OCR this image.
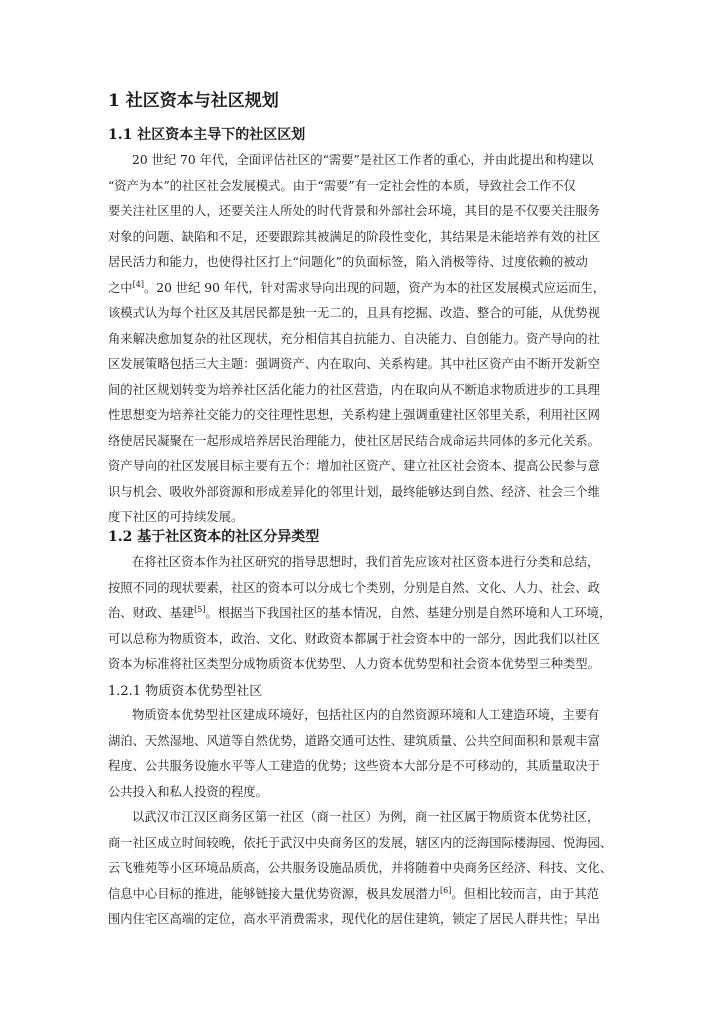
1 社区资本与社区规划
1.1 社区资本主导下的社区区划
20 世纪 70 年代，全面评估社区的“需要”是社区工作者的重心，并由此提出和构建以
“资产为本”的社区社会发展模式。由于“需要”有一定社会性的本质，导致社会工作不仅
要关注社区里的人，还要关注人所处的时代背景和外部社会环境，其目的是不仅要关注服务
对象的问题、缺陷和不足，还要跟踪其被满足的阶段性变化，其结果是未能培养有效的社区
居民活力和能力，也使得社区打上“问题化”的负面标签，陷入消极等待、过度依赖的被动
之中[4]。20 世纪 90 年代，针对需求导向出现的问题，资产为本的社区发展模式应运而生，
该模式认为每个社区及其居民都是独一无二的，且具有挖掘、改造、整合的可能，从优势视
角来解决愈加复杂的社区现状，充分相信其自抗能力、自决能力、自创能力。资产导向的社
区发展策略包括三大主题：强调资产、内在取向、关系构建。其中社区资产由不断开发新空
间的社区规划转变为培养社区活化能力的社区营造，内在取向从不断追求物质进步的工具理
性思想变为培养社交能力的交往理性思想，关系构建上强调重建社区邻里关系，利用社区网
络使居民凝聚在一起形成培养居民治理能力，使社区居民结合成命运共同体的多元化关系。
资产导向的社区发展目标主要有五个：增加社区资产、建立社区社会资本、提高公民参与意
识与机会、吸收外部资源和形成差异化的邻里计划，最终能够达到自然、经济、社会三个维
度下社区的可持续发展。
1.2 基于社区资本的社区分异类型
在将社区资本作为社区研究的指导思想时，我们首先应该对社区资本进行分类和总结，
按照不同的现状要素，社区的资本可以分成七个类别，分别是自然、文化、人力、社会、政
治、财政、基建[5]。根据当下我国社区的基本情况，自然、基建分别是自然环境和人工环境，
可以总称为物质资本，政治、文化、财政资本都属于社会资本中的一部分，因此我们以社区
资本为标准将社区类型分成物质资本优势型、人力资本优势型和社会资本优势型三种类型。
1.2.1 物质资本优势型社区
物质资本优势型社区建成环境好，包括社区内的自然资源环境和人工建造环境，主要有
湖泊、天然湿地、风道等自然优势，道路交通可达性、建筑质量、公共空间面积和景观丰富
程度、公共服务设施水平等人工建造的优势；这些资本大部分是不可移动的，其质量取决于
公共投入和私人投资的程度。
以武汉市江汉区商务区第一社区（商一社区）为例，商一社区属于物质资本优势社区，
商一社区成立时间较晚，依托于武汉中央商务区的发展，辖区内的泛海国际楼海园、悦海园、
云飞雅苑等小区环境品质高，公共服务设施品质优，并将随着中央商务区经济、科技、文化、
信息中心目标的推进，能够链接大量优势资源，极具发展潜力[6]。但相比较而言，由于其范
围内住宅区高端的定位，高水平消费需求，现代化的居住建筑，锁定了居民人群共性；早出
